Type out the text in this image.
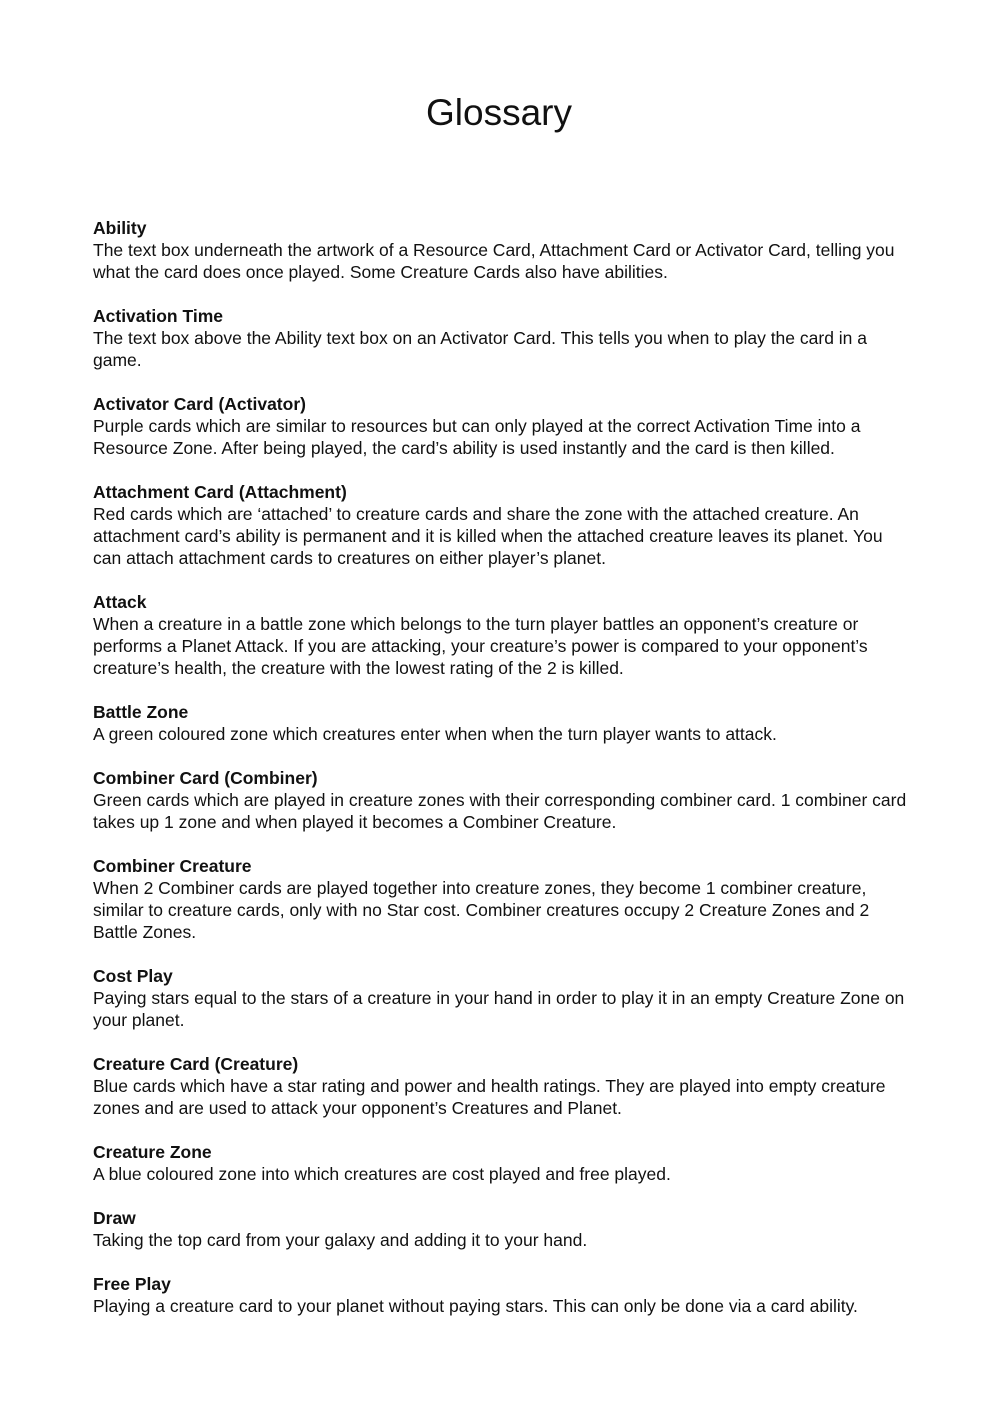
Glossary

Ability

The text box underneath the artwork of a Resource Card, Attachment Card or Activator Card, telling you what the card does once played. Some Creature Cards also have abilities.

Activation Time

The text box above the Ability text box on an Activator Card. This tells you when to play the card in a game.

Activator Card (Activator)

Purple cards which are similar to resources but can only played at the correct Activation Time into a Resource Zone. After being played, the card’s ability is used instantly and the card is then killed.

Attachment Card (Attachment)

Red cards which are ‘attached’ to creature cards and share the zone with the attached creature. An attachment card’s ability is permanent and it is killed when the attached creature leaves its planet. You can attach attachment cards to creatures on either player’s planet.

Attack

When a creature in a battle zone which belongs to the turn player battles an opponent’s creature or performs a Planet Attack. If you are attacking, your creature’s power is compared to your opponent’s creature’s health, the creature with the lowest rating of the 2 is killed.

Battle Zone

A green coloured zone which creatures enter when when the turn player wants to attack.

Combiner Card (Combiner)

Green cards which are played in creature zones with their corresponding combiner card. 1 combiner card takes up 1 zone and when played it becomes a Combiner Creature.

Combiner Creature

When 2 Combiner cards are played together into creature zones, they become 1 combiner creature, similar to creature cards, only with no Star cost. Combiner creatures occupy 2 Creature Zones and 2 Battle Zones.

Cost Play

Paying stars equal to the stars of a creature in your hand in order to play it in an empty Creature Zone on your planet.

Creature Card (Creature)

Blue cards which have a star rating and power and health ratings. They are played into empty creature zones and are used to attack your opponent’s Creatures and Planet.

Creature Zone

A blue coloured zone into which creatures are cost played and free played.

Draw

Taking the top card from your galaxy and adding it to your hand.

Free Play

Playing a creature card to your planet without paying stars. This can only be done via a card ability.
